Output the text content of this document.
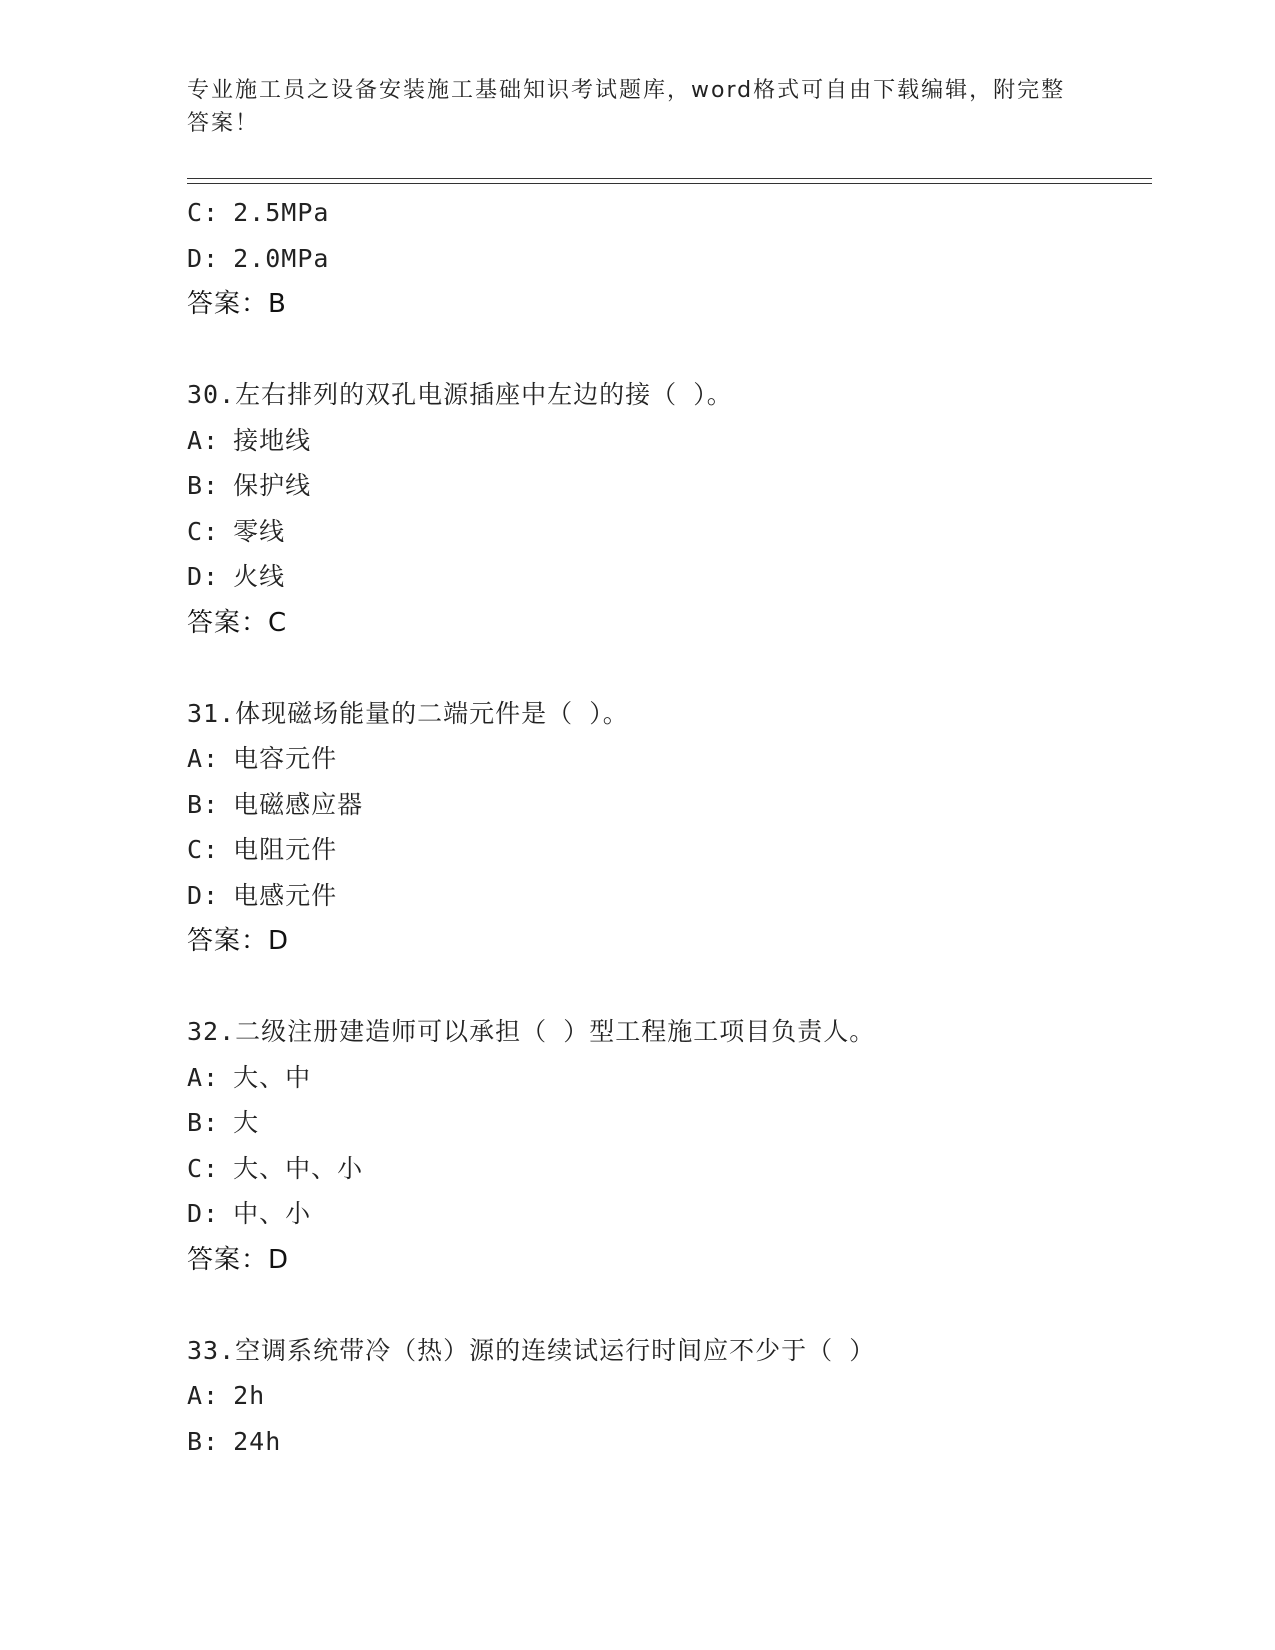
专业施工员之设备安装施工基础知识考试题库，word格式可自由下载编辑，附完整答案！
C: 2.5MPa
D: 2.0MPa
答案：B
30.左右排列的双孔电源插座中左边的接（ ）。
A: 接地线
B: 保护线
C: 零线
D: 火线
答案：C
31.体现磁场能量的二端元件是（ ）。
A: 电容元件
B: 电磁感应器
C: 电阻元件
D: 电感元件
答案：D
32.二级注册建造师可以承担（ ）型工程施工项目负责人。
A: 大、中
B: 大
C: 大、中、小
D: 中、小
答案：D
33.空调系统带冷（热）源的连续试运行时间应不少于（ ）
A: 2h
B: 24h
